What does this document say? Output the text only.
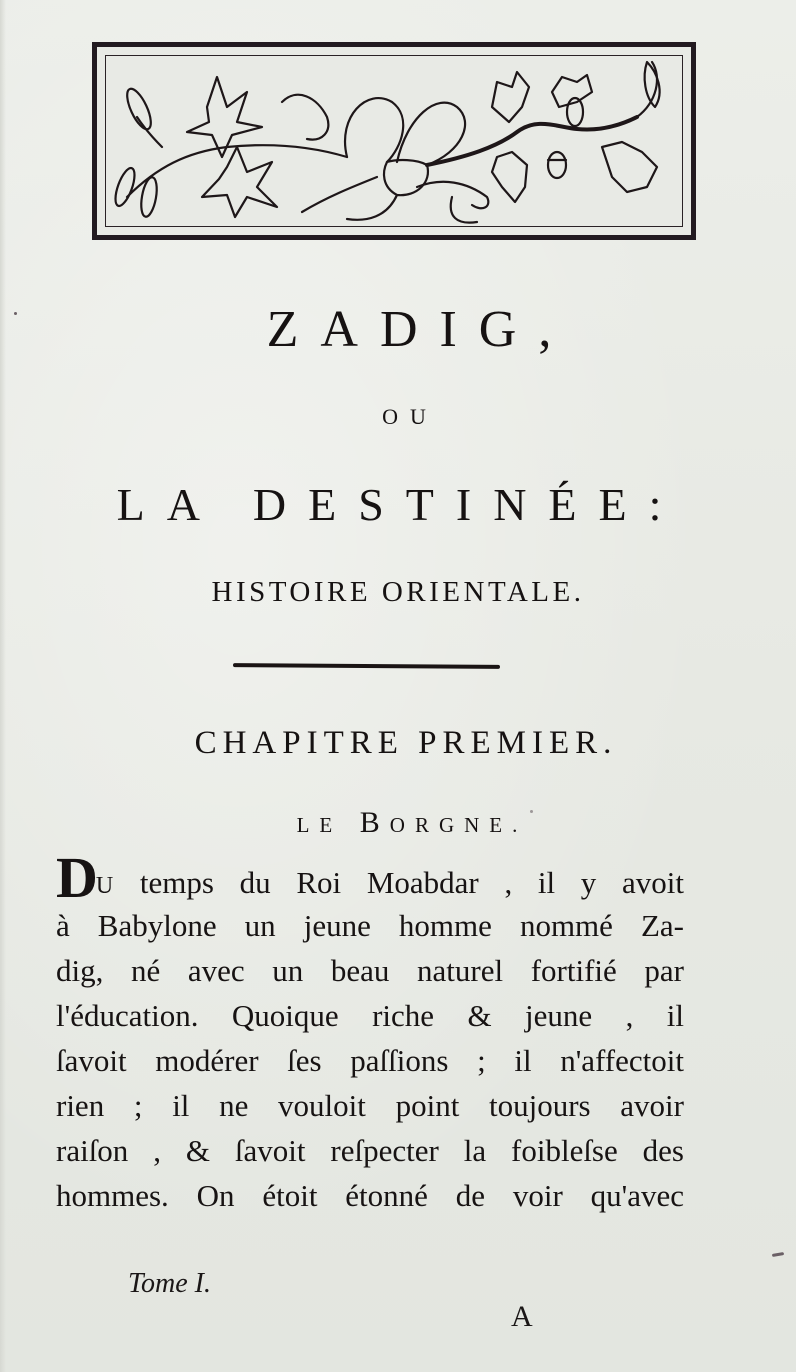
ZADIG,
OU
LA DESTINÉE:
HISTOIRE ORIENTALE.
CHAPITRE PREMIER.
LE BORGNE.
DU temps du Roi Moabdar , il y avoit
à Babylone un jeune homme nommé Za-
dig, né avec un beau naturel fortifié par
l'éducation. Quoique riche & jeune , il
ſavoit modérer ſes paſſions ; il n'affectoit
rien ; il ne vouloit point toujours avoir
raiſon , & ſavoit reſpecter la foibleſse des
hommes. On étoit étonné de voir qu'avec
Tome I.
A
